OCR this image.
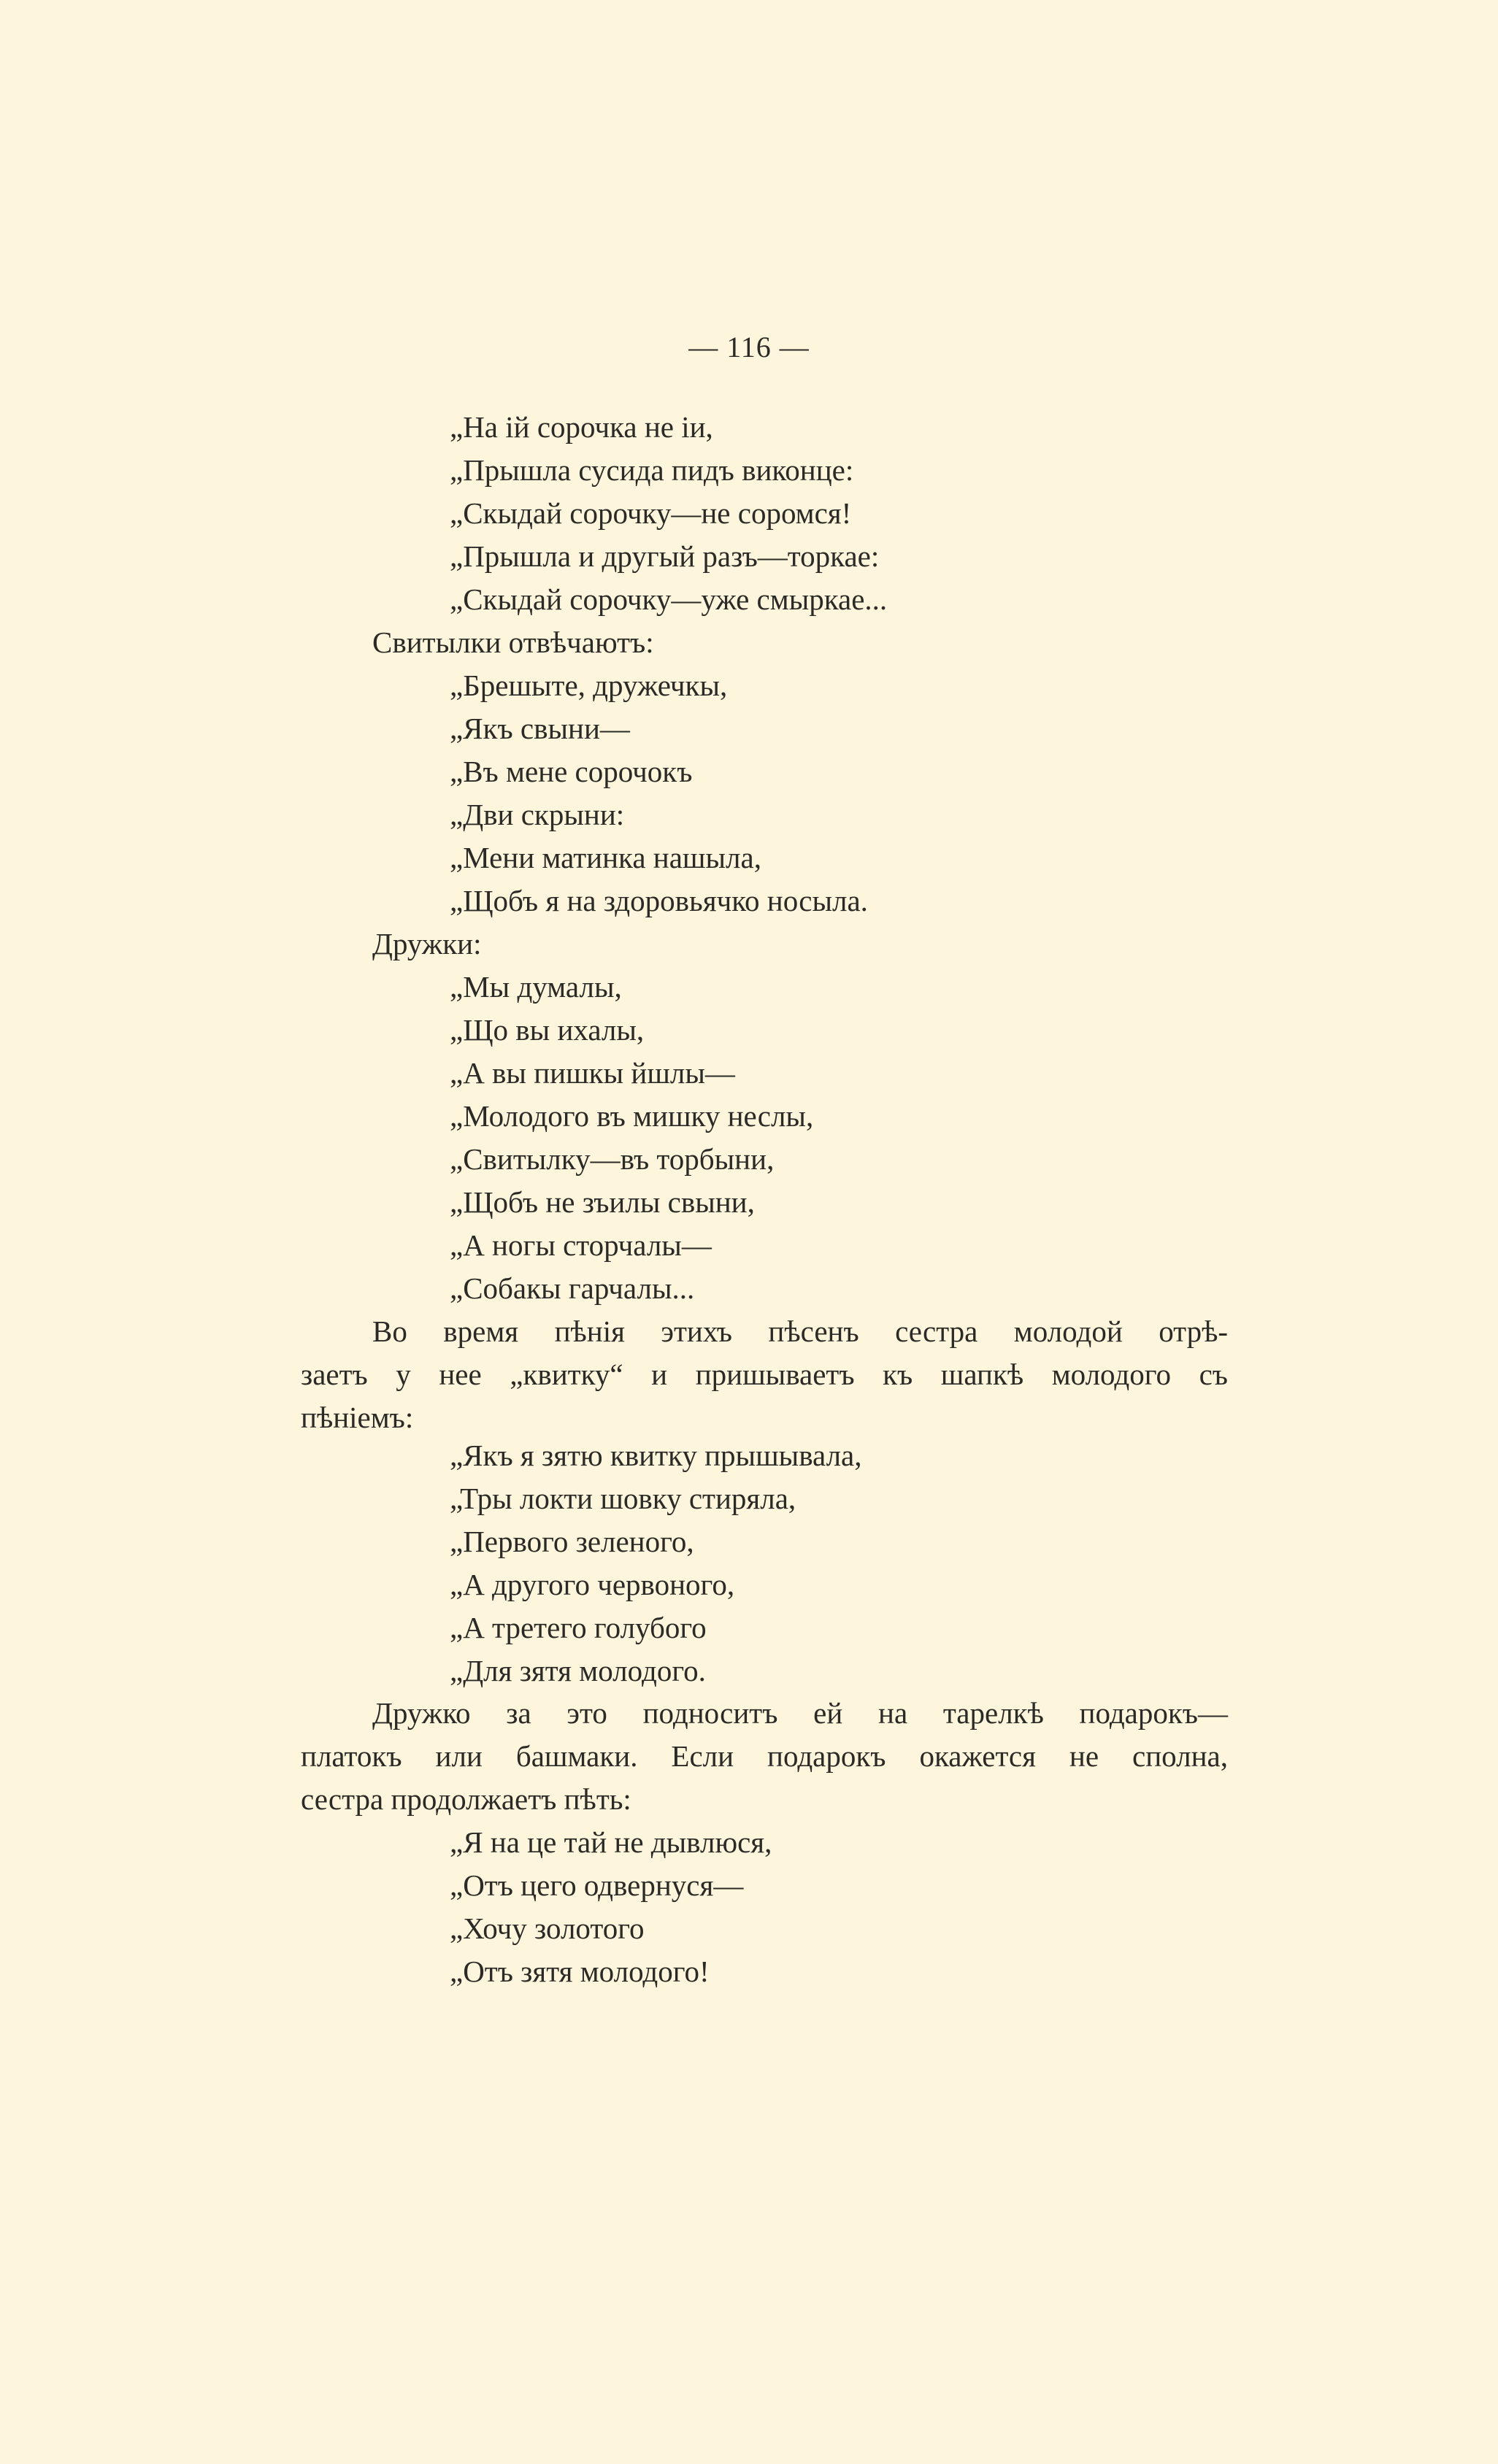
— 116 —
„На ій сорочка не іи,
„Прышла сусида пидъ виконце:
„Скыдай сорочку—не соромся!
„Прышла и другый разъ—торкае:
„Скыдай сорочку—уже смыркае...
Свитылки отвѣчаютъ:
„Брешыте, дружечкы,
„Якъ свыни—
„Въ мене сорочокъ
„Дви скрыни:
„Мени матинка нашыла,
„Щобъ я на здоровьячко носыла.
Дружки:
„Мы думалы,
„Що вы ихалы,
„А вы пишкы йшлы—
„Молодого въ мишку неслы,
„Свитылку—въ торбыни,
„Щобъ не зъилы свыни,
„А ногы сторчалы—
„Собакы гарчалы...
Во время пѣнія этихъ пѣсенъ сестра молодой отрѣ-
заетъ у нее „квитку“ и пришываетъ къ шапкѣ молодого съ
пѣніемъ:
„Якъ я зятю квитку прышывала,
„Тры локти шовку стиряла,
„Первого зеленого,
„А другого червоного,
„А третего голубого
„Для зятя молодого.
Дружко за это подноситъ ей на тарелкѣ подарокъ—
платокъ или башмаки. Если подарокъ окажется не сполна,
сестра продолжаетъ пѣть:
„Я на це тай не дывлюся,
„Отъ цего одвернуся—
„Хочу золотого
„Отъ зятя молодого!
